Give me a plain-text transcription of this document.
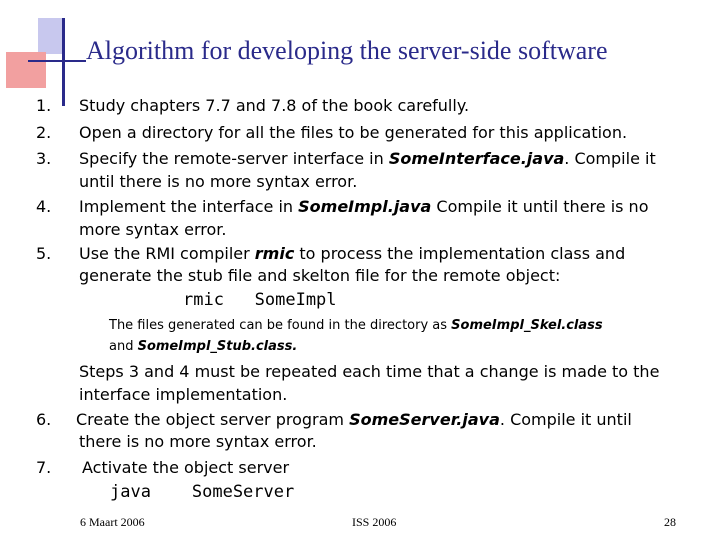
Algorithm for developing the server-side software
1.
2.
3.
4.
5.
6.
7.
Study chapters 7.7 and 7.8 of the book carefully.
Open a directory for all the files to be generated for this application.
Specify the remote-server interface in SomeInterface.java. Compile it
until there is no more syntax error.
Implement the interface in SomeImpl.java Compile it until there is no
more syntax error.
Use the RMI compiler rmic to process the implementation class and
generate the stub file and skelton file for the remote object:
rmic   SomeImpl
The files generated can be found in the directory as SomeImpl_Skel.class
and SomeImpl_Stub.class.
Steps 3 and 4 must be repeated each time that a change is made to the
interface implementation.
Create the object server program SomeServer.java. Compile it until
there is no more syntax error.
Activate the object server
java    SomeServer
6 Maart 2006	ISS 2006	28
